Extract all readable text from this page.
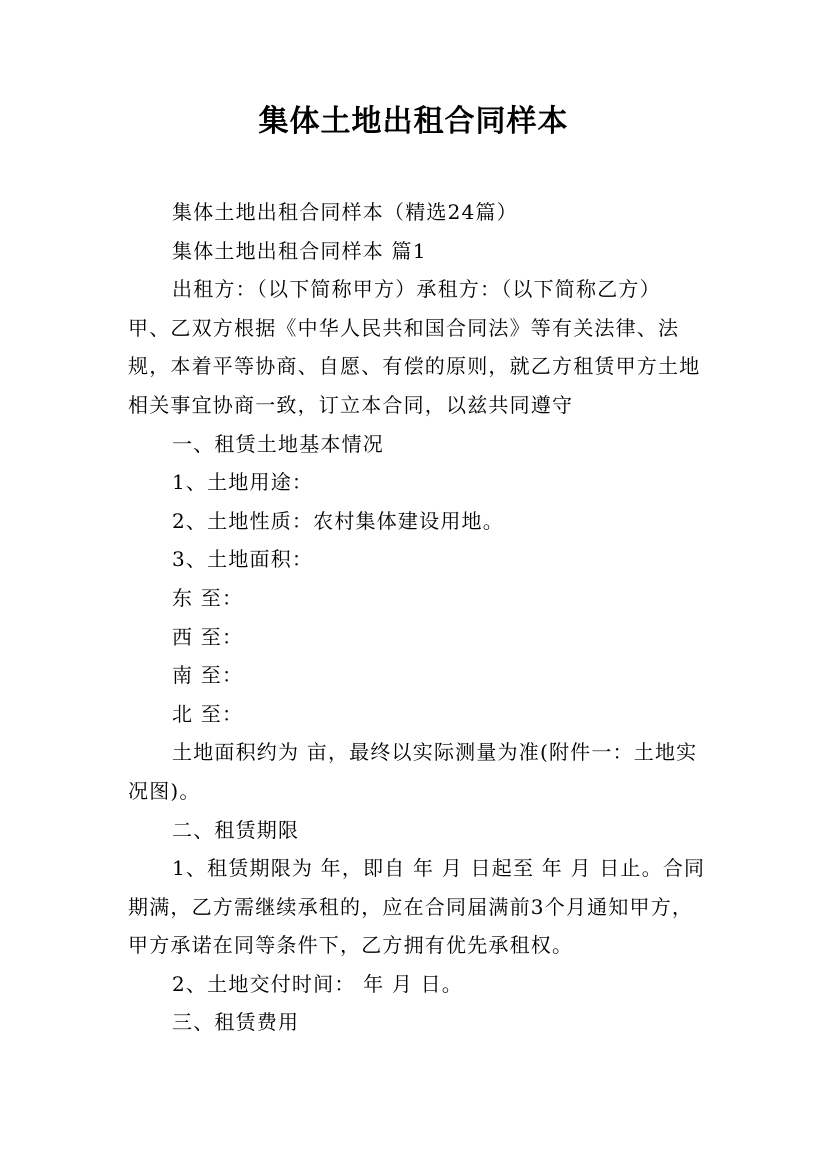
集体土地出租合同样本

集体土地出租合同样本（精选24篇）

集体土地出租合同样本 篇1

出租方：（以下简称甲方）承租方：（以下简称乙方）

甲、乙双方根据《中华人民共和国合同法》等有关法律、法规，本着平等协商、自愿、有偿的原则，就乙方租赁甲方土地相关事宜协商一致，订立本合同，以兹共同遵守

一、租赁土地基本情况

1、土地用途：

2、土地性质：农村集体建设用地。

3、土地面积：

东 至：

西 至：

南 至：

北 至：

土地面积约为 亩，最终以实际测量为准(附件一：土地实况图)。

二、租赁期限

1、租赁期限为 年，即自 年 月 日起至 年 月 日止。合同期满，乙方需继续承租的，应在合同届满前3个月通知甲方，甲方承诺在同等条件下，乙方拥有优先承租权。

2、土地交付时间： 年 月 日。

三、租赁费用
